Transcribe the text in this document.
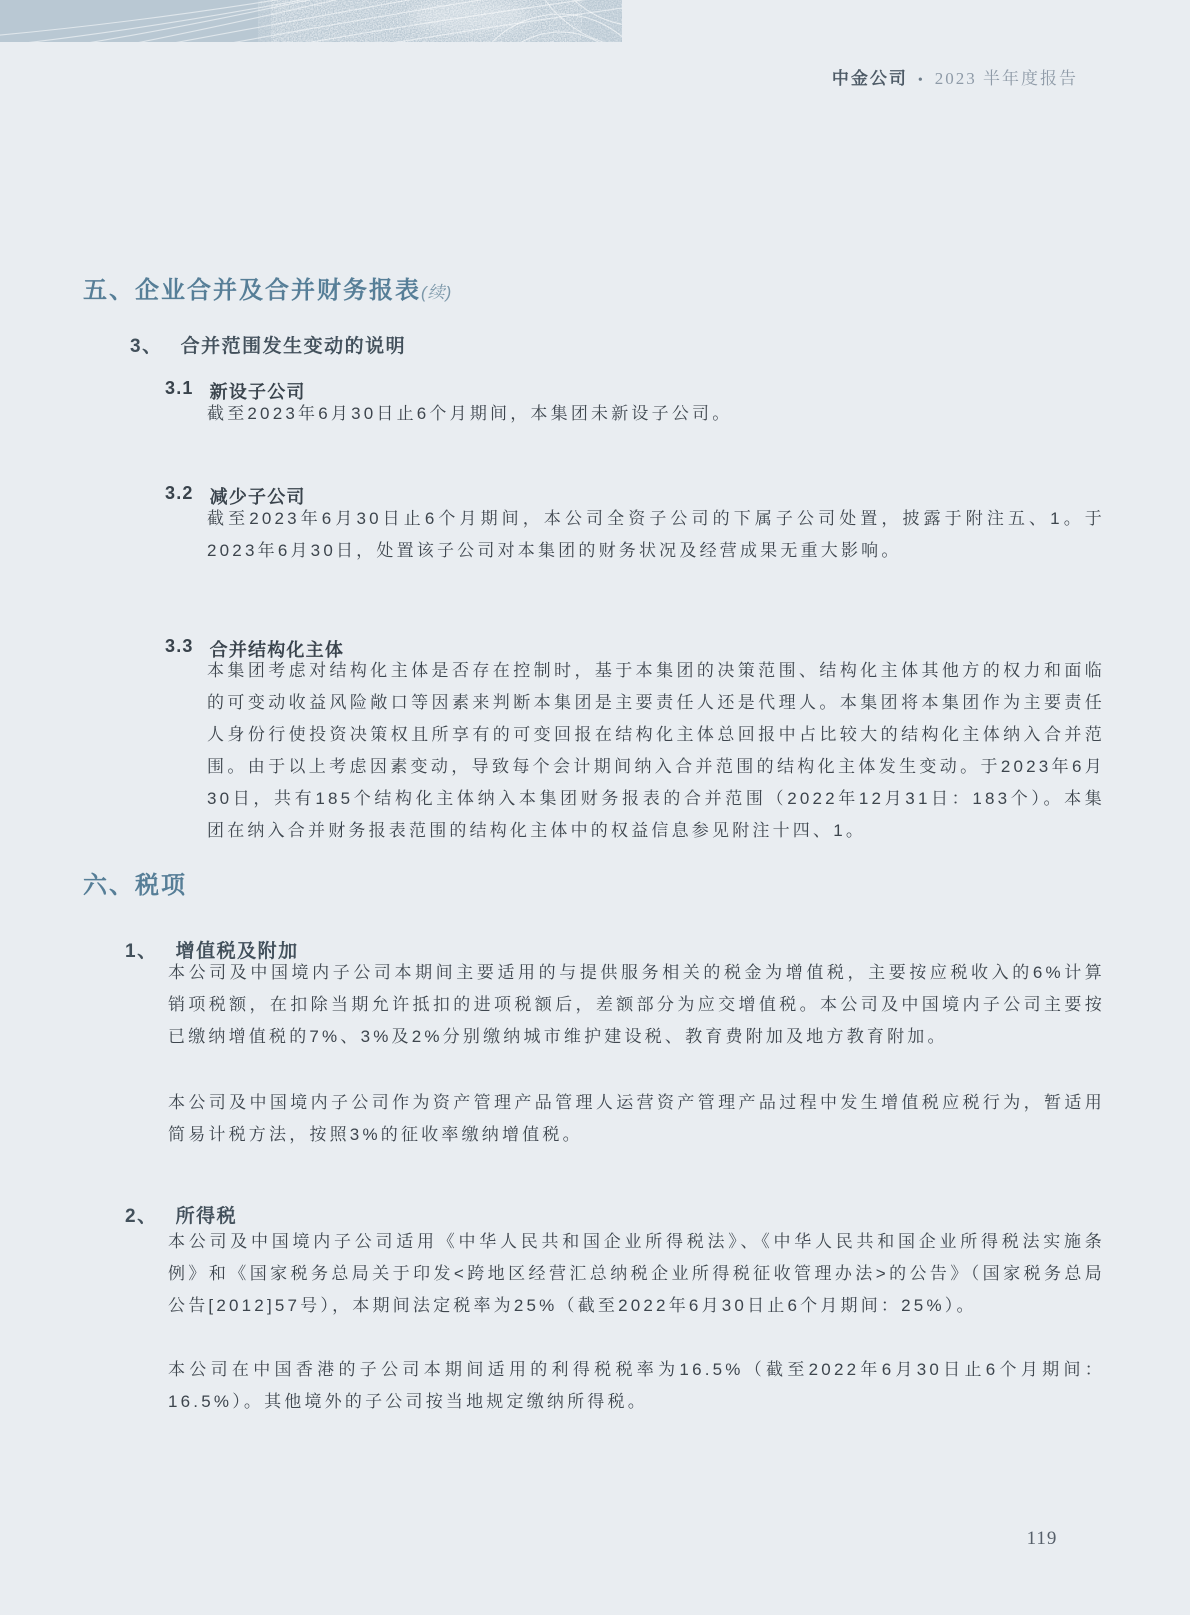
中金公司 • 2023 半年度报告
五、企业合并及合并财务报表(续)
3、 合并范围发生变动的说明
3.1 新设子公司

截至2023年6月30日止6个月期间，本集团未新设子公司。

3.2 减少子公司

截至2023年6月30日止6个月期间，本公司全资子公司的下属子公司处置，披露于附注五、1。于2023年6月30日，处置该子公司对本集团的财务状况及经营成果无重大影响。

3.3 合并结构化主体

本集团考虑对结构化主体是否存在控制时，基于本集团的决策范围、结构化主体其他方的权力和面临的可变动收益风险敞口等因素来判断本集团是主要责任人还是代理人。本集团将本集团作为主要责任人身份行使投资决策权且所享有的可变回报在结构化主体总回报中占比较大的结构化主体纳入合并范围。由于以上考虑因素变动，导致每个会计期间纳入合并范围的结构化主体发生变动。于2023年6月30日，共有185个结构化主体纳入本集团财务报表的合并范围（2022年12月31日：183个）。本集团在纳入合并财务报表范围的结构化主体中的权益信息参见附注十四、1。

六、税项
1、 增值税及附加

本公司及中国境内子公司本期间主要适用的与提供服务相关的税金为增值税，主要按应税收入的6%计算销项税额，在扣除当期允许抵扣的进项税额后，差额部分为应交增值税。本公司及中国境内子公司主要按已缴纳增值税的7%、3%及2%分别缴纳城市维护建设税、教育费附加及地方教育附加。

本公司及中国境内子公司作为资产管理产品管理人运营资产管理产品过程中发生增值税应税行为，暂适用简易计税方法，按照3%的征收率缴纳增值税。

2、 所得税

本公司及中国境内子公司适用《中华人民共和国企业所得税法》、《中华人民共和国企业所得税法实施条例》和《国家税务总局关于印发<跨地区经营汇总纳税企业所得税征收管理办法>的公告》（国家税务总局公告[2012]57号），本期间法定税率为25%（截至2022年6月30日止6个月期间：25%）。

本公司在中国香港的子公司本期间适用的利得税税率为16.5%（截至2022年6月30日止6个月期间：16.5%）。其他境外的子公司按当地规定缴纳所得税。

119
